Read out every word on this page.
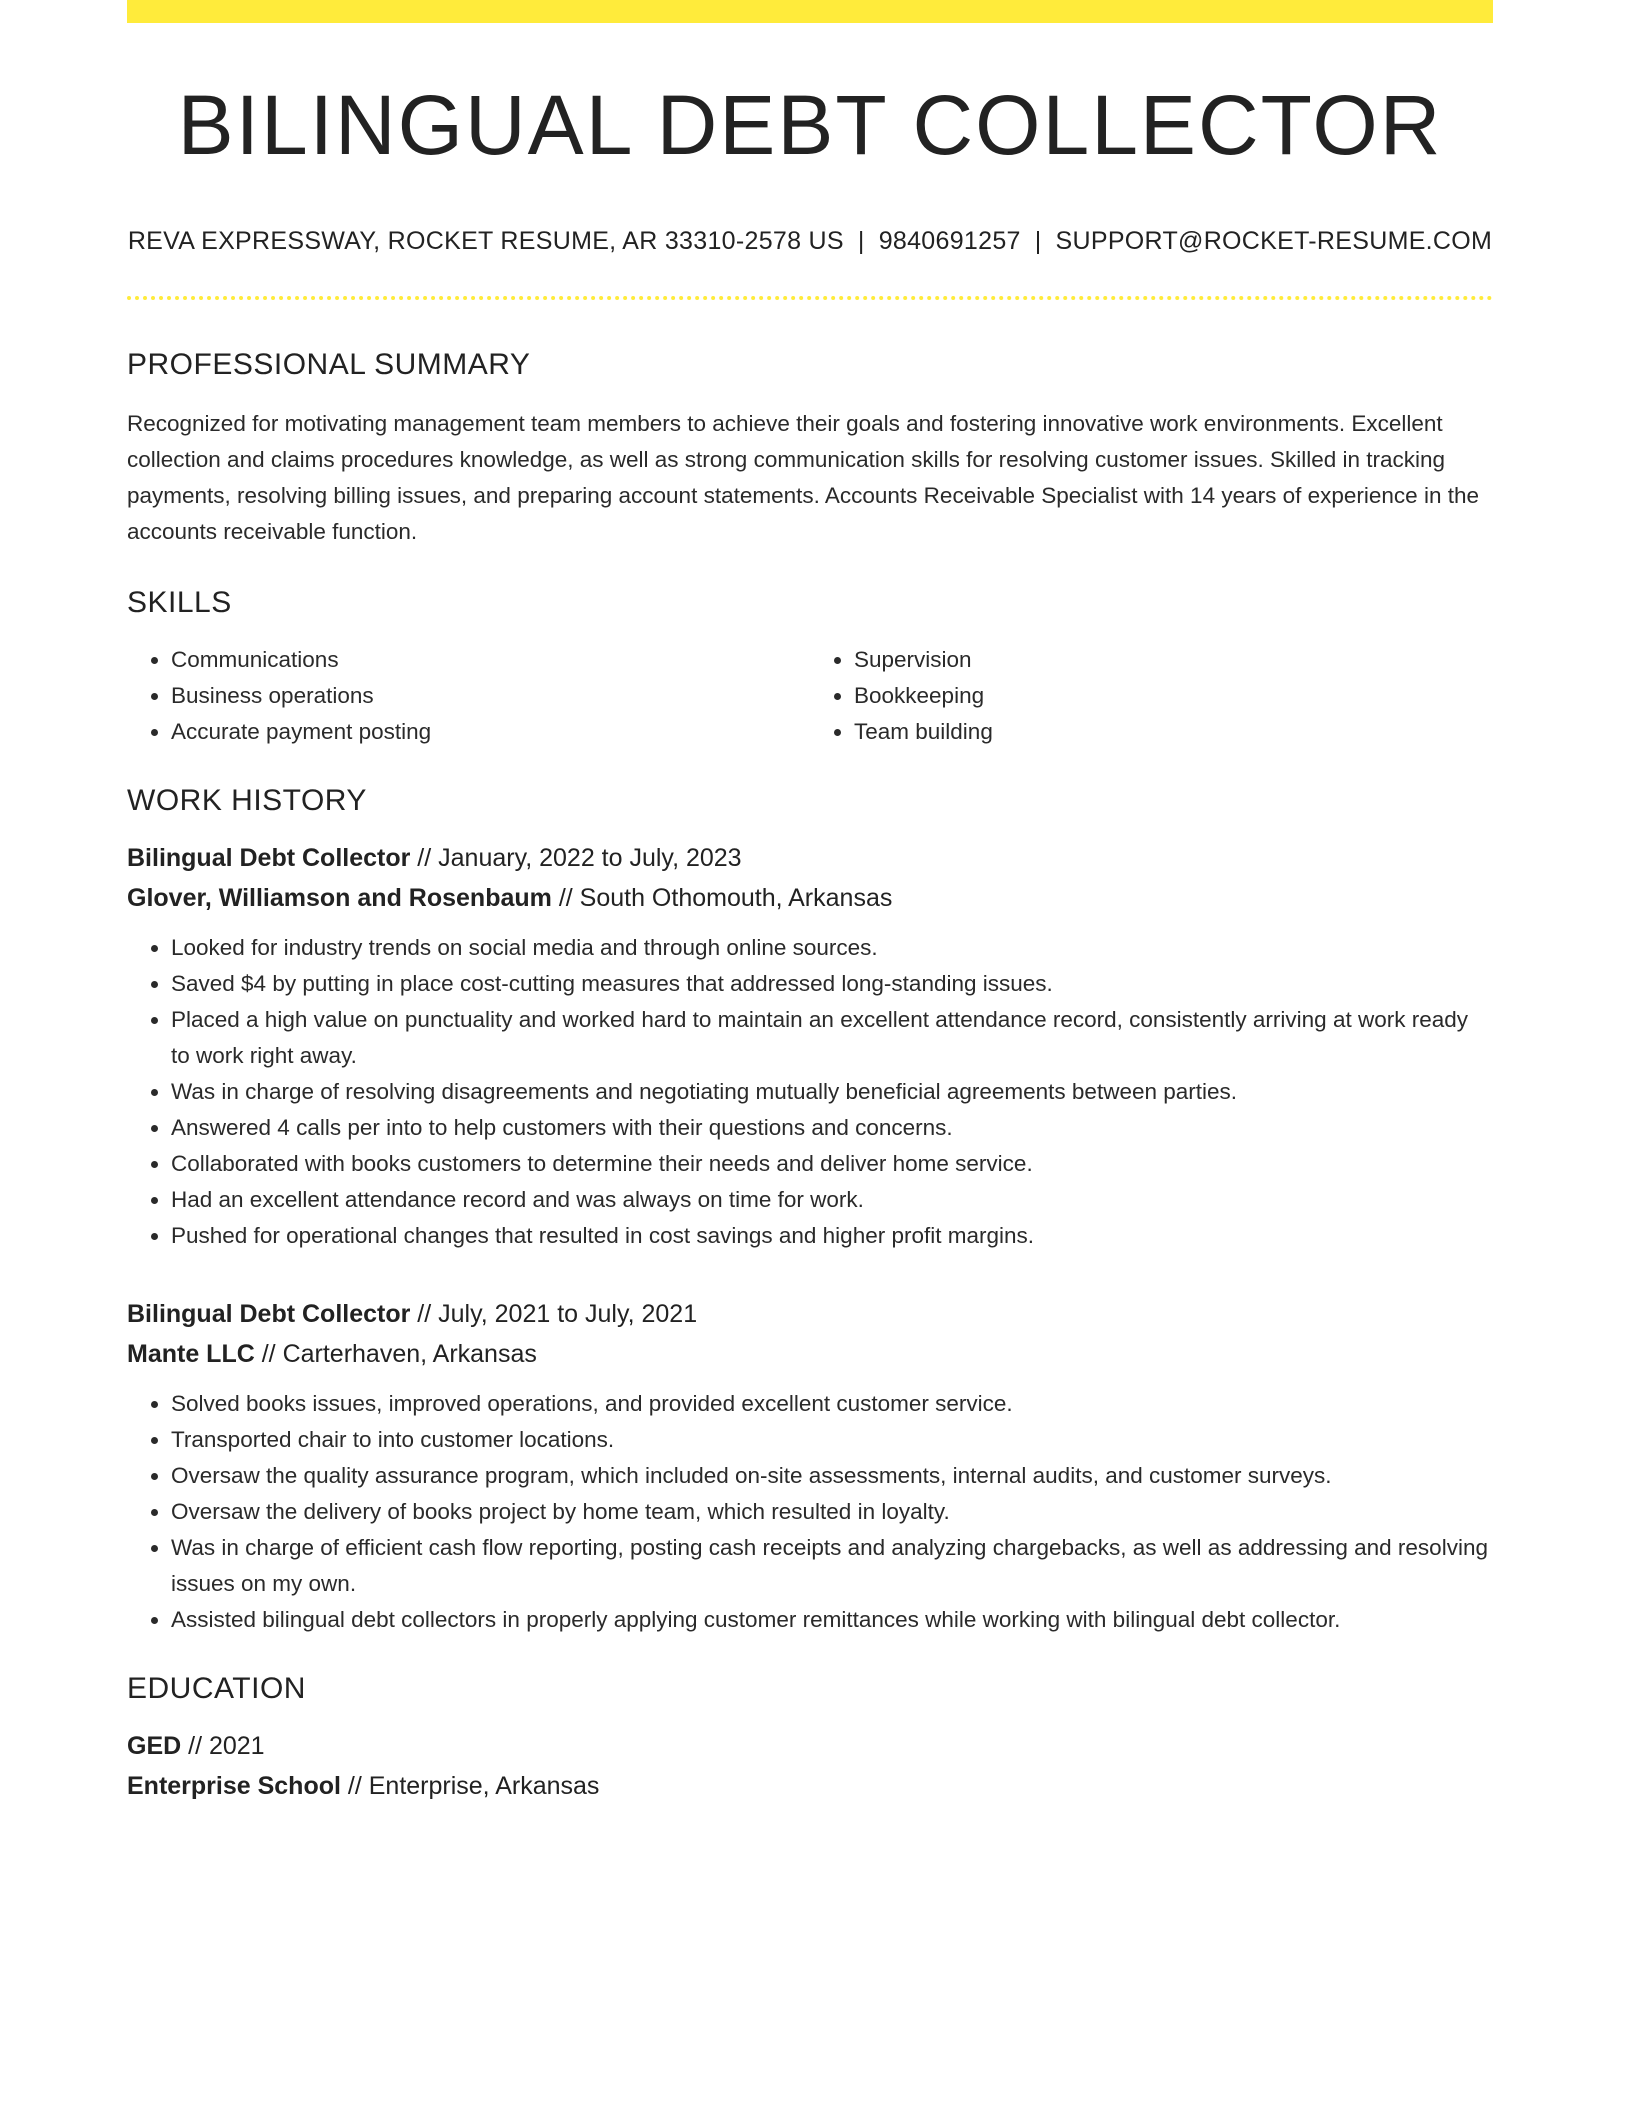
BILINGUAL DEBT COLLECTOR
REVA EXPRESSWAY, ROCKET RESUME, AR 33310-2578 US | 9840691257 | SUPPORT@ROCKET-RESUME.COM
PROFESSIONAL SUMMARY

Recognized for motivating management team members to achieve their goals and fostering innovative work environments. Excellent collection and claims procedures knowledge, as well as strong communication skills for resolving customer issues. Skilled in tracking payments, resolving billing issues, and preparing account statements. Accounts Receivable Specialist with 14 years of experience in the accounts receivable function.

SKILLS
• Communications
• Business operations
• Accurate payment posting
• Supervision
• Bookkeeping
• Team building
WORK HISTORY
Bilingual Debt Collector // January, 2022 to July, 2023
Glover, Williamson and Rosenbaum // South Othomouth, Arkansas
• Looked for industry trends on social media and through online sources.
• Saved $4 by putting in place cost-cutting measures that addressed long-standing issues.
• Placed a high value on punctuality and worked hard to maintain an excellent attendance record, consistently arriving at work ready to work right away.
• Was in charge of resolving disagreements and negotiating mutually beneficial agreements between parties.
• Answered 4 calls per into to help customers with their questions and concerns.
• Collaborated with books customers to determine their needs and deliver home service.
• Had an excellent attendance record and was always on time for work.
• Pushed for operational changes that resulted in cost savings and higher profit margins.
Bilingual Debt Collector // July, 2021 to July, 2021
Mante LLC // Carterhaven, Arkansas
• Solved books issues, improved operations, and provided excellent customer service.
• Transported chair to into customer locations.
• Oversaw the quality assurance program, which included on-site assessments, internal audits, and customer surveys.
• Oversaw the delivery of books project by home team, which resulted in loyalty.
• Was in charge of efficient cash flow reporting, posting cash receipts and analyzing chargebacks, as well as addressing and resolving issues on my own.
• Assisted bilingual debt collectors in properly applying customer remittances while working with bilingual debt collector.
EDUCATION
GED // 2021
Enterprise School // Enterprise, Arkansas
